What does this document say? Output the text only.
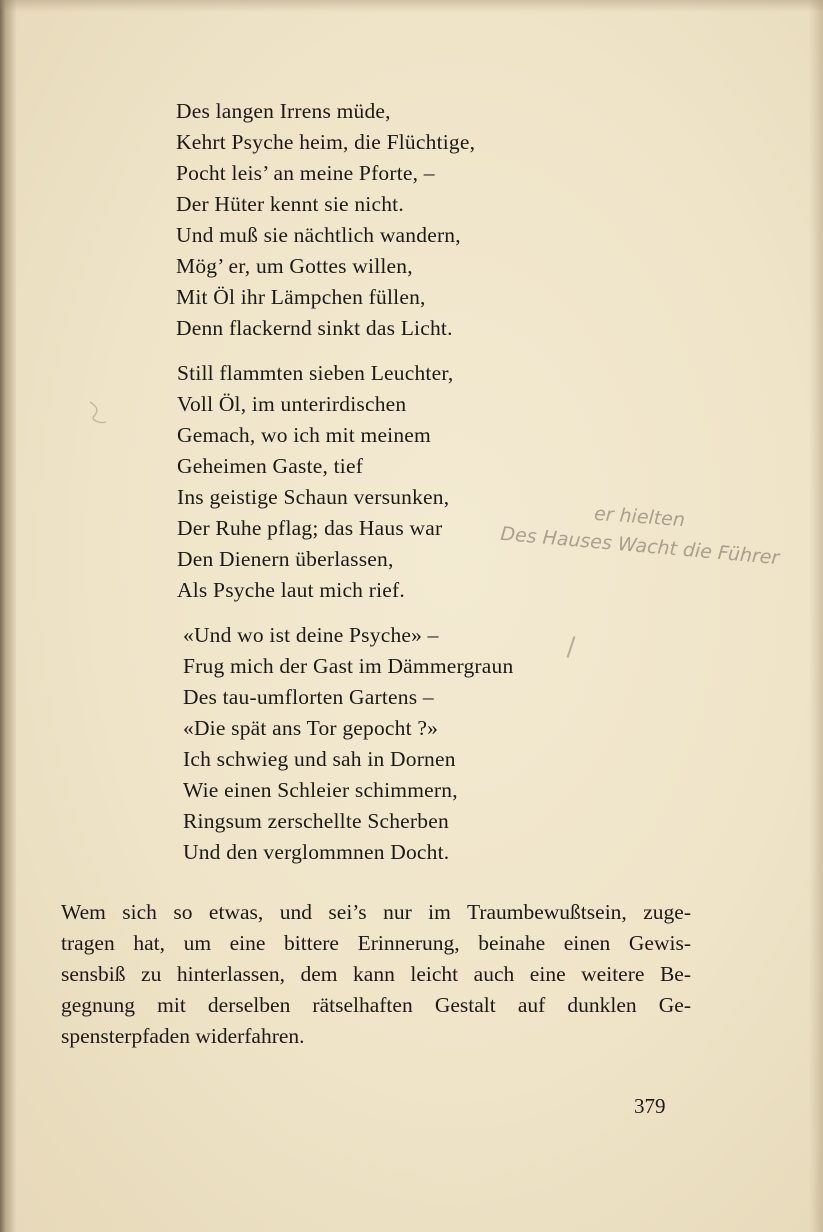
Des langen Irrens müde,
Kehrt Psyche heim, die Flüchtige,
Pocht leis’ an meine Pforte, –
Der Hüter kennt sie nicht.
Und muß sie nächtlich wandern,
Mög’ er, um Gottes willen,
Mit Öl ihr Lämpchen füllen,
Denn flackernd sinkt das Licht.
Still flammten sieben Leuchter,
Voll Öl, im unterirdischen
Gemach, wo ich mit meinem
Geheimen Gaste, tief
Ins geistige Schaun versunken,
Der Ruhe pflag; das Haus war
Den Dienern überlassen,
Als Psyche laut mich rief.
«Und wo ist deine Psyche» –
Frug mich der Gast im Dämmergraun
Des tau-umflorten Gartens –
«Die spät ans Tor gepocht ?»
Ich schwieg und sah in Dornen
Wie einen Schleier schimmern,
Ringsum zerschellte Scherben
Und den verglommnen Docht.
Wem sich so etwas, und sei’s nur im Traumbewußtsein, zuge-
tragen hat, um eine bittere Erinnerung, beinahe einen Gewis-
sensbiß zu hinterlassen, dem kann leicht auch eine weitere Be-
gegnung mit derselben rätselhaften Gestalt auf dunklen Ge-
spensterpfaden widerfahren.
379
er hielten
Des Hauses Wacht die Führer
